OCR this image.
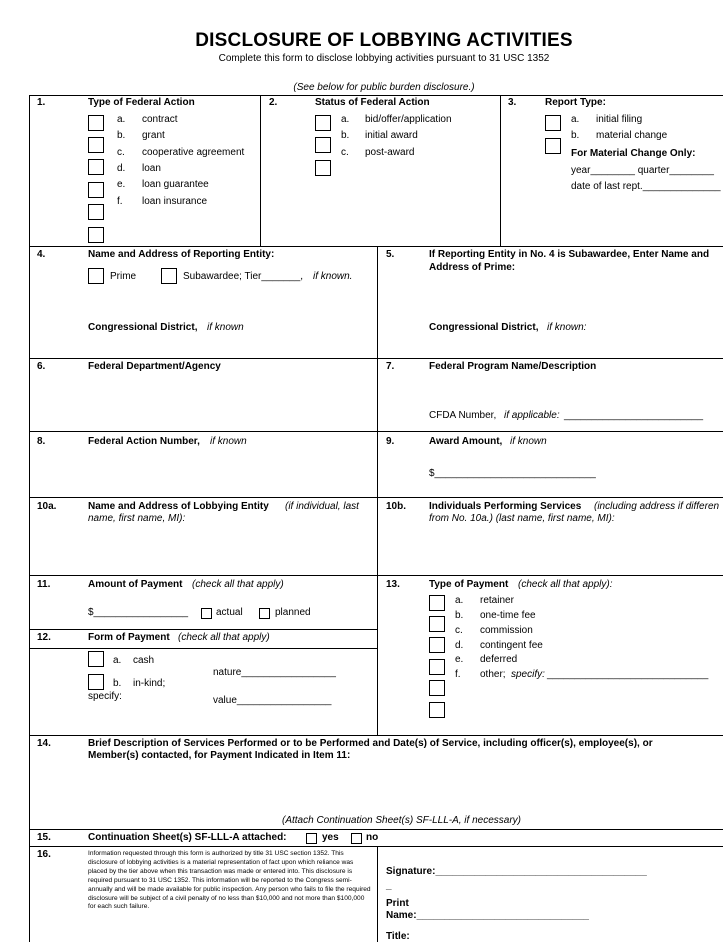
DISCLOSURE OF LOBBYING ACTIVITIES
Complete this form to disclose lobbying activities pursuant to 31 USC 1352
(See below for public burden disclosure.)
1.	Type of Federal Action
a. contract
b. grant
c. cooperative agreement
d. loan
e. loan guarantee
f. loan insurance
2.	Status of Federal Action
a. bid/offer/application
b. initial award
c. post-award
3.	Report Type:
a. initial filing
b. material change
For Material Change Only:
year________ quarter________
date of last rept.______________
4.	Name and Address of Reporting Entity:
Prime	Subawardee; Tier_______, if known.
Congressional District, if known
5.	If Reporting Entity in No. 4 is Subawardee, Enter Name and
Address of Prime:
Congressional District, if known:
6.	Federal Department/Agency	7.	Federal Program Name/Description
CFDA Number, if applicable: _________________________
8.	Federal Action Number, if known	9.	Award Amount, if known
$_____________________________
10a.	Name and Address of Lobbying Entity (if individual, last
name, first name, MI):
10b. Individuals Performing Services (including address if differen
from No. 10a.) (last name, first name, MI):
11.	Amount of Payment (check all that apply)
$_________________	actual	planned
12.	Form of Payment (check all that apply)
a. cash
b. in-kind;
specify:
nature_________________
value_________________
13.	Type of Payment (check all that apply):
a. retainer
b. one-time fee
c. commission
d. contingent fee
e. deferred
f. other; specify: _____________________________
14.	Brief Description of Services Performed or to be Performed and Date(s) of Service, including officer(s), employee(s), or
Member(s) contacted, for Payment Indicated in Item 11:
(Attach Continuation Sheet(s) SF-LLL-A, if necessary)
15.	Continuation Sheet(s) SF-LLL-A attached:	yes	no
16.	Information requested through this form is authorized by title 31 USC section 1352. This disclosure of lobbying activities is a material representation of fact upon which reliance was placed by the tier above when this transaction was made or entered into. This disclosure is required pursuant to 31 USC 1352. This information will be reported to the Congress semi-annually and will be made available for public inspection. Any person who fails to file the required disclosure will be subject of a civil penalty of no less than $10,000 and not more than $100,000 for each such failure.
Signature:______________________________________
_
Print
Name:_______________________________
Title:
